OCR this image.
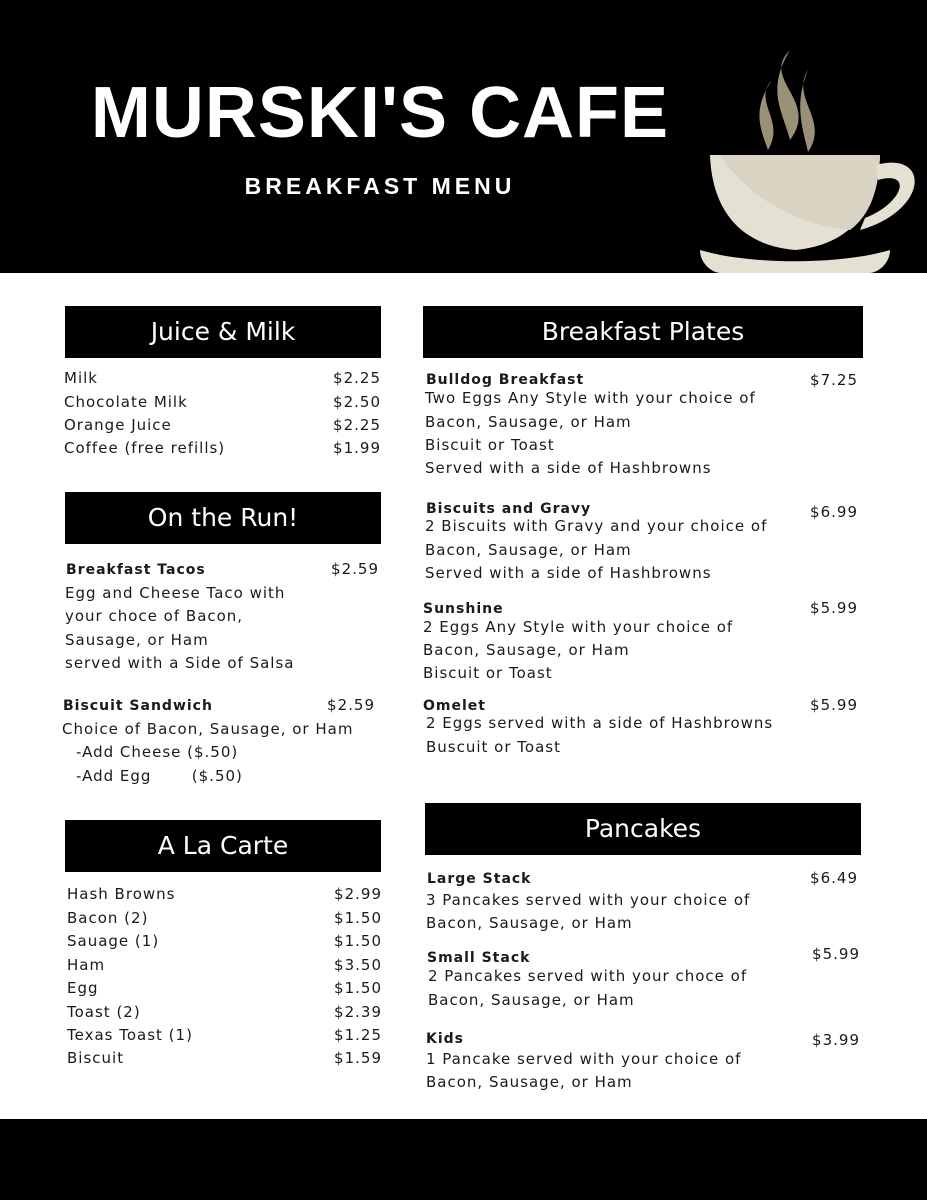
MURSKI'S CAFE
BREAKFAST MENU
Juice & Milk
Milk	$2.25
Chocolate Milk	$2.50
Orange Juice	$2.25
Coffee (free refills)	$1.99
On the Run!
Breakfast Tacos	$2.59
Egg and Cheese Taco with
your choce of Bacon,
Sausage, or Ham
served with a Side of Salsa
Biscuit Sandwich	$2.59
Choice of Bacon, Sausage, or Ham
-Add Cheese ($.50)
-Add Egg       ($.50)
A La Carte
Hash Browns	$2.99
Bacon (2)	$1.50
Sauage (1)	$1.50
Ham	$3.50
Egg	$1.50
Toast (2)	$2.39
Texas Toast (1)	$1.25
Biscuit	$1.59
Breakfast Plates
Bulldog Breakfast	$7.25
Two Eggs Any Style with your choice of
Bacon, Sausage, or Ham
Biscuit or Toast
Served with a side of Hashbrowns
Biscuits and Gravy	$6.99
2 Biscuits with Gravy and your choice of
Bacon, Sausage, or Ham
Served with a side of Hashbrowns
Sunshine	$5.99
2 Eggs Any Style with your choice of
Bacon, Sausage, or Ham
Biscuit or Toast
Omelet	$5.99
2 Eggs served with a side of Hashbrowns
Buscuit or Toast
Pancakes
Large Stack	$6.49
3 Pancakes served with your choice of
Bacon, Sausage, or Ham
Small Stack	$5.99
2 Pancakes served with your choce of
Bacon, Sausage, or Ham
Kids	$3.99
1 Pancake served with your choice of
Bacon, Sausage, or Ham
